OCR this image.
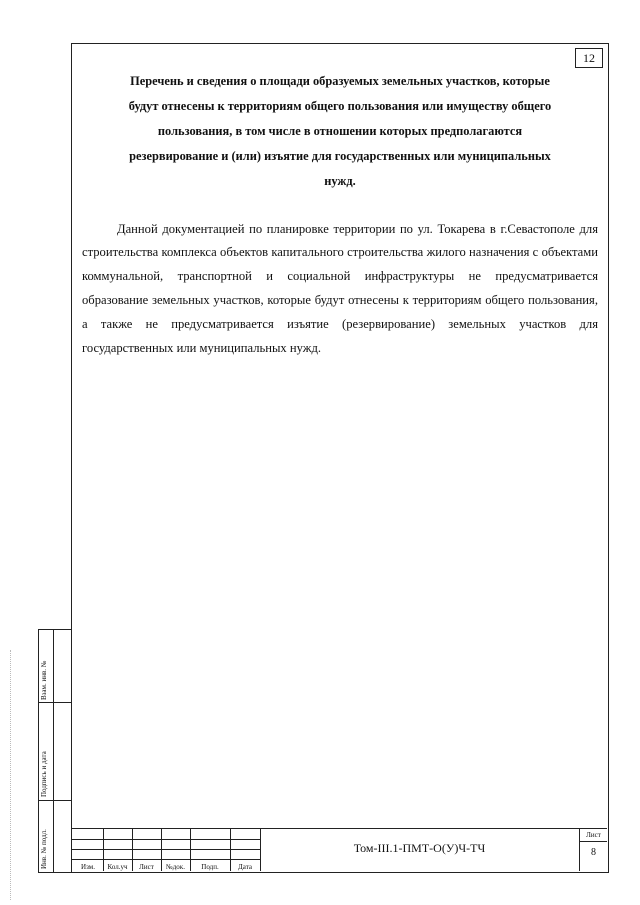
12
Перечень и сведения о площади образуемых земельных участков, которые
будут отнесены к территориям общего пользования или имуществу общего
пользования, в том числе в отношении которых предполагаются
резервирование и (или) изъятие для государственных или муниципальных
нужд.

Данной документацией по планировке территории по ул. Токарева в г.Севастополе для строительства комплекса объектов капитального строительства жилого назначения с объектами коммунальной, транспортной и социальной инфраструктуры не предусматривается образование земельных участков, которые будут отнесены к территориям общего пользования, а также не предусматривается изъятие (резервирование) земельных участков для государственных или муниципальных нужд.

Изм.	Кол.уч	Лист	№док.	Подп.	Дата
Том-III.1-ПМТ-О(У)Ч-ТЧ
Лист
8
Взам. инв. №
Подпись и дата
Инв. № подл.
